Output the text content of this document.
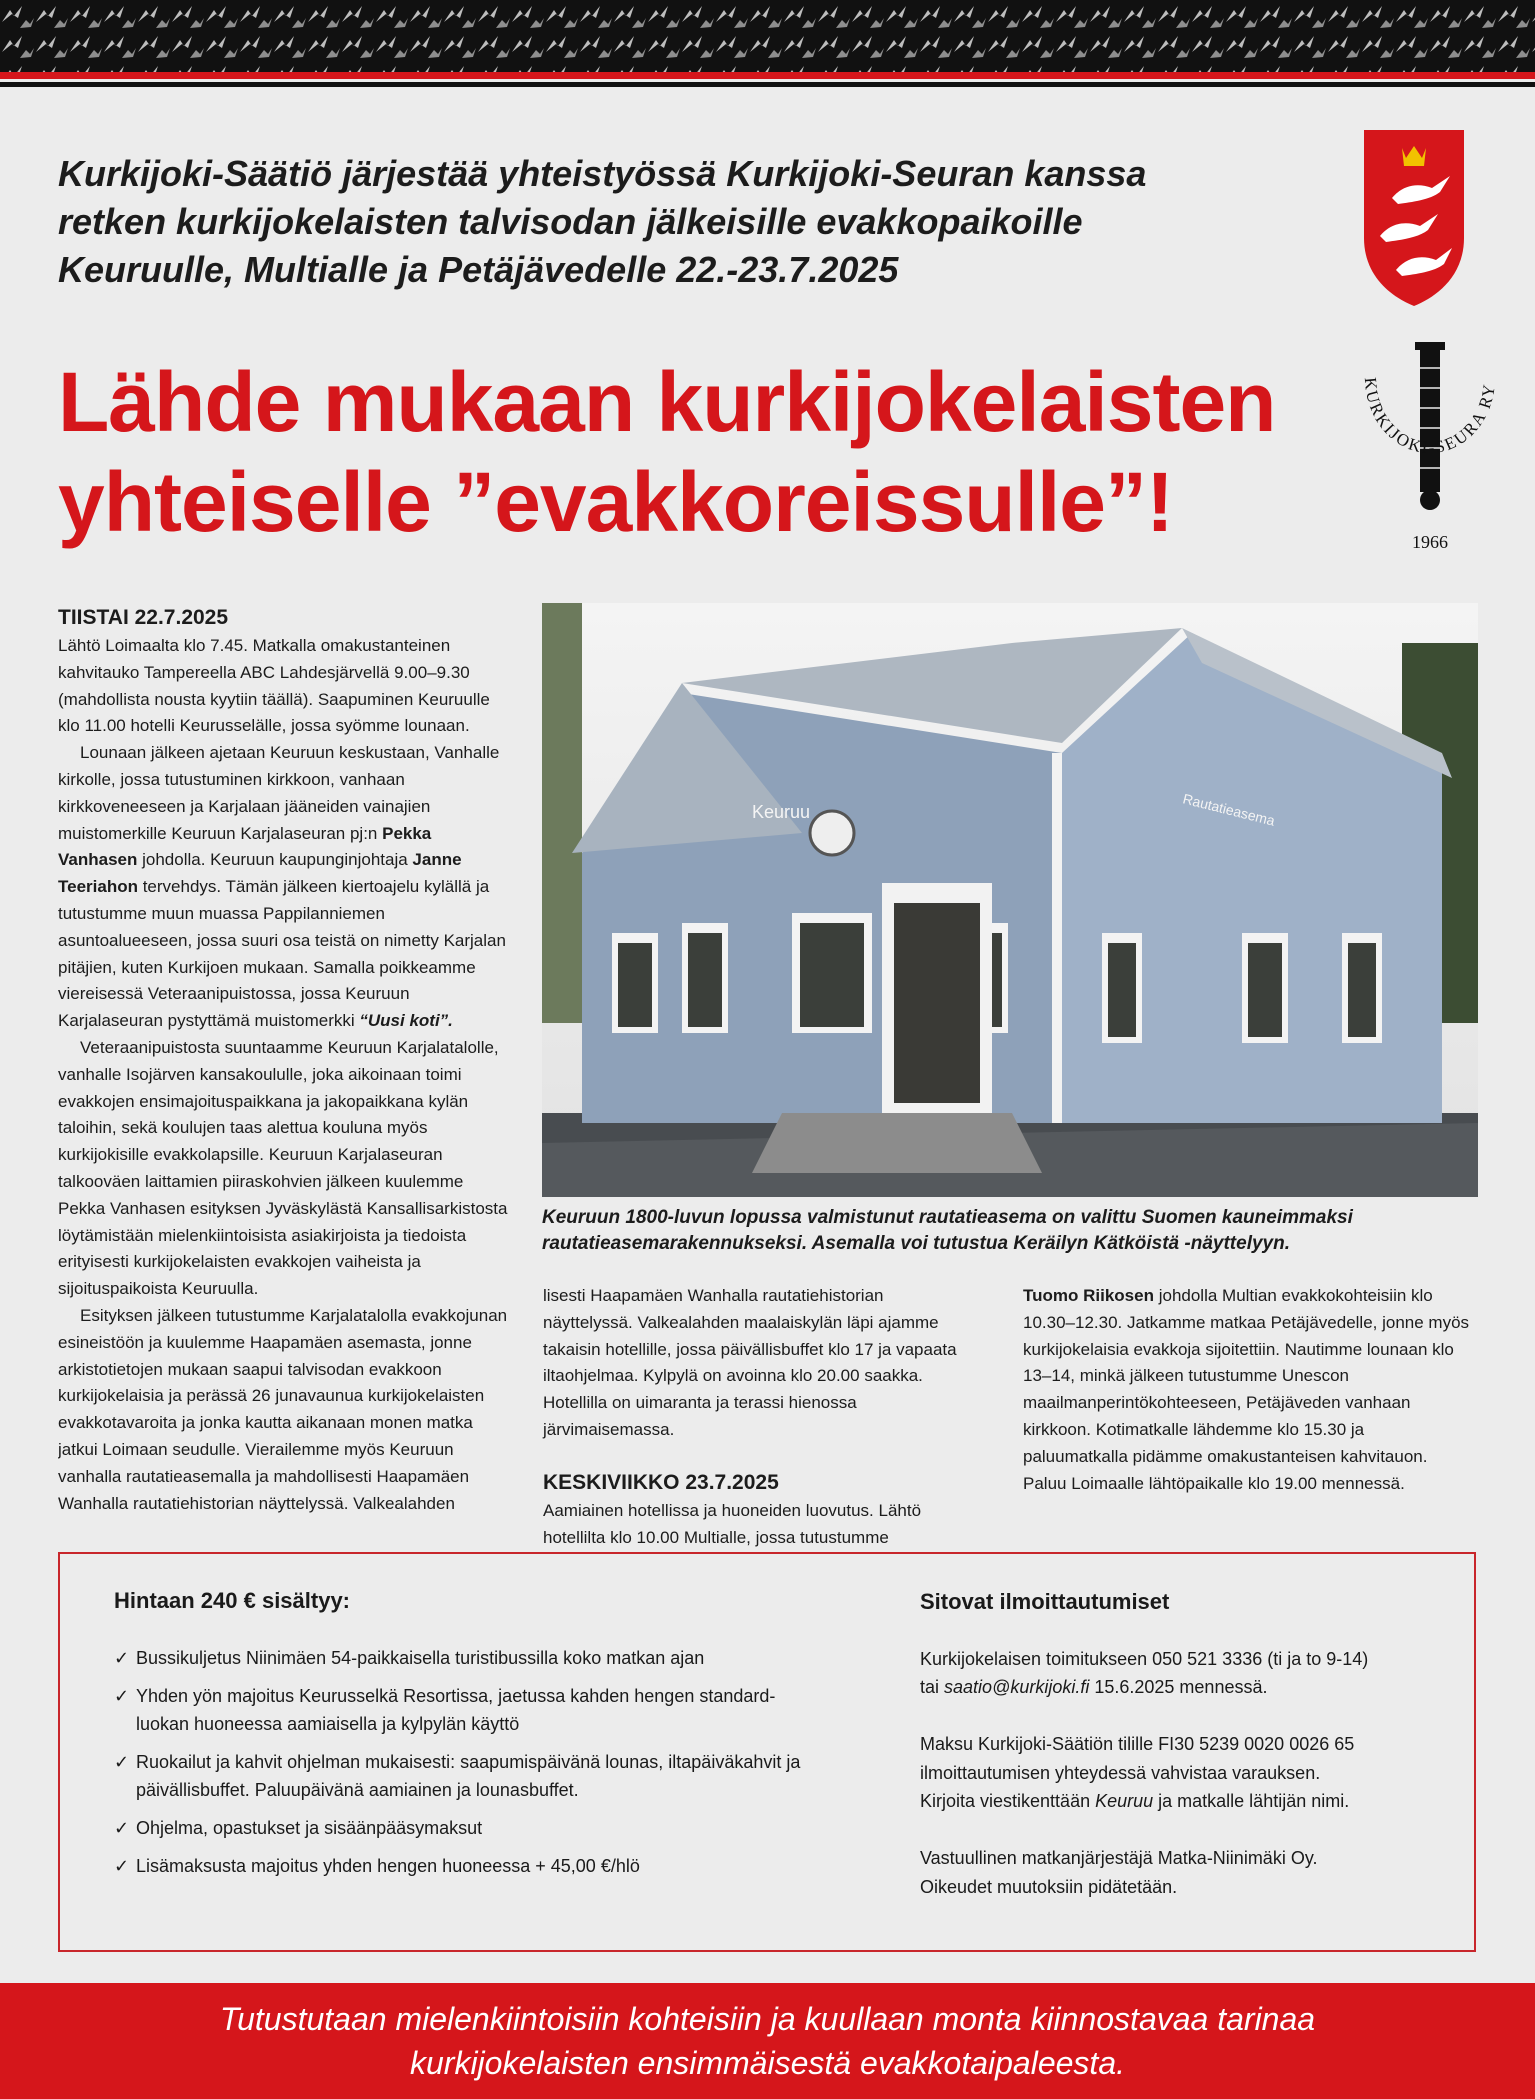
Kurkijoki-Säätiö järjestää yhteistyössä Kurkijoki-Seuran kanssa
retken kurkijokelaisten talvisodan jälkeisille evakkopaikoille
Keuruulle, Multialle ja Petäjävedelle 22.-23.7.2025
Lähde mukaan kurkijokelaisten
yhteiselle ”evakkoreissulle”!
KURKIJOKI-SEURA RY
1966
TIISTAI 22.7.2025

Lähtö Loimaalta klo 7.45. Matkalla omakustanteinen kahvitauko Tampereella ABC Lahdesjärvellä 9.00–9.30 (mahdollista nousta kyytiin täällä). Saapuminen Keuruulle klo 11.00 hotelli Keurusselälle, jossa syömme lounaan.

Lounaan jälkeen ajetaan Keuruun keskustaan, Vanhalle kirkolle, jossa tutustuminen kirkkoon, vanhaan kirkkoveneeseen ja Karjalaan jääneiden vainajien muistomerkille Keuruun Karjalaseuran pj:n Pekka Vanhasen johdolla. Keuruun kaupunginjohtaja Janne Teeriahon tervehdys. Tämän jälkeen kiertoajelu kylällä ja tutustumme muun muassa Pappilanniemen asuntoalueeseen, jossa suuri osa teistä on nimetty Karjalan pitäjien, kuten Kurkijoen mukaan. Samalla poikkeamme viereisessä Veteraanipuistossa, jossa Keuruun Karjalaseuran pystyttämä muistomerkki “Uusi koti”.

Veteraanipuistosta suuntaamme Keuruun Karjalatalolle, vanhalle Isojärven kansakoululle, joka aikoinaan toimi evakkojen ensimajoituspaikkana ja jakopaikkana kylän taloihin, sekä koulujen taas alettua kouluna myös kurkijokisille evakkolapsille. Keuruun Karjalaseuran talkooväen laittamien piiraskohvien jälkeen kuulemme Pekka Vanhasen esityksen Jyväskylästä Kansallisarkistosta löytämistään mielenkiintoisista asiakirjoista ja tiedoista erityisesti kurkijokelaisten evakkojen vaiheista ja sijoituspaikoista Keuruulla.

Esityksen jälkeen tutustumme Karjalatalolla evakkojunan esineistöön ja kuulemme Haapamäen asemasta, jonne arkistotietojen mukaan saapui talvisodan evakkoon kurkijokelaisia ja perässä 26 junavaunua kurkijokelaisten evakkotavaroita ja jonka kautta aikanaan monen matka jatkui Loimaan seudulle. Vierailemme myös Keuruun vanhalla rautatieasemalla ja mahdollisesti Haapamäen Wanhalla rautatiehistorian näyttelyssä. Valkealahden

Keuruu	Rautatieasema
Keuruun 1800-luvun lopussa valmistunut rautatieasema on valittu Suomen kauneimmaksi rautatieasemarakennukseksi. Asemalla voi tutustua Keräilyn Kätköistä -näyttelyyn.

lisesti Haapamäen Wanhalla rautatiehistorian näyttelyssä. Valkealahden maalaiskylän läpi ajamme takaisin hotellille, jossa päivällisbuffet klo 17 ja vapaata iltaohjelmaa. Kylpylä on avoinna klo 20.00 saakka. Hotellilla on uimaranta ja terassi hienossa järvimaisemassa.

KESKIVIIKKO 23.7.2025

Aamiainen hotellissa ja huoneiden luovutus. Lähtö hotellilta klo 10.00 Multialle, jossa tutustumme

Tuomo Riikosen johdolla Multian evakkokohteisiin klo 10.30–12.30. Jatkamme matkaa Petäjävedelle, jonne myös kurkijokelaisia evakkoja sijoitettiin. Nautimme lounaan klo 13–14, minkä jälkeen tutustumme Unescon maailmanperintökohteeseen, Petäjäveden vanhaan kirkkoon. Kotimatkalle lähdemme klo 15.30 ja paluumatkalla pidämme omakustanteisen kahvitauon. Paluu Loimaalle lähtöpaikalle klo 19.00 mennessä.

Hintaan 240 € sisältyy:
✓ Bussikuljetus Niinimäen 54-paikkaisella turistibussilla koko matkan ajan
✓ Yhden yön majoitus Keurusselkä Resortissa, jaetussa kahden hengen standard- luokan huoneessa aamiaisella ja kylpylän käyttö
✓ Ruokailut ja kahvit ohjelman mukaisesti: saapumispäivänä lounas, iltapäiväkahvit ja päivällisbuffet. Paluupäivänä aamiainen ja lounasbuffet.
✓ Ohjelma, opastukset ja sisäänpääsymaksut
✓ Lisämaksusta majoitus yhden hengen huoneessa + 45,00 €/hlö
Sitovat ilmoittautumiset

Kurkijokelaisen toimitukseen 050 521 3336 (ti ja to 9-14)

tai saatio@kurkijoki.fi 15.6.2025 mennessä.

Maksu Kurkijoki-Säätiön tilille FI30 5239 0020 0026 65 ilmoittautumisen yhteydessä vahvistaa varauksen.

Kirjoita viestikenttään Keuruu ja matkalle lähtijän nimi.

Vastuullinen matkanjärjestäjä Matka-Niinimäki Oy.

Oikeudet muutoksiin pidätetään.

Tutustutaan mielenkiintoisiin kohteisiin ja kuullaan monta kiinnostavaa tarinaa
kurkijokelaisten ensimmäisestä evakkotaipaleesta.
